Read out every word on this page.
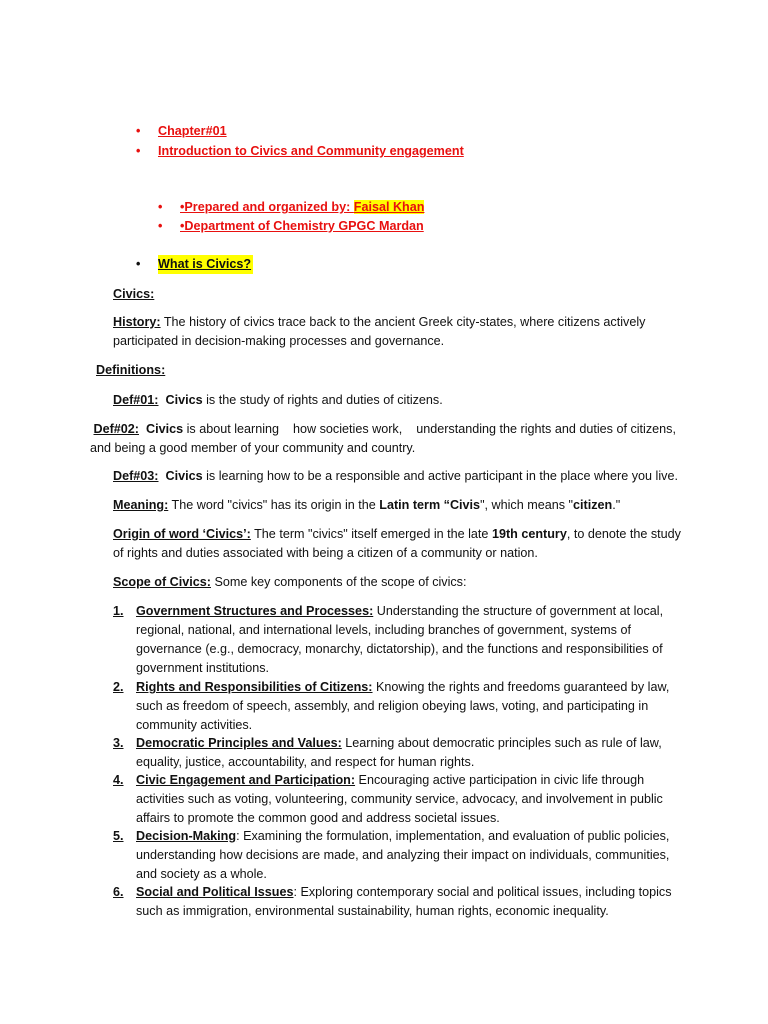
• Chapter#01
• Introduction to Civics and Community engagement
• •Prepared and organized by: Faisal Khan
• •Department of Chemistry GPGC Mardan
• What is Civics?
Civics:
History: The history of civics trace back to the ancient Greek city-states, where citizens actively
participated in decision-making processes and governance.
Definitions:
Def#01: Civics is the study of rights and duties of citizens.
Def#02: Civics is about learning    how societies work,    understanding the rights and duties of citizens,
and being a good member of your community and country.
Def#03: Civics is learning how to be a responsible and active participant in the place where you live.
Meaning: The word "civics" has its origin in the Latin term “Civis", which means "citizen."
Origin of word ‘Civics’: The term "civics" itself emerged in the late 19th century, to denote the study
of rights and duties associated with being a citizen of a community or nation.
Scope of Civics: Some key components of the scope of civics:
1. Government Structures and Processes: Understanding the structure of government at local,
regional, national, and international levels, including branches of government, systems of
governance (e.g., democracy, monarchy, dictatorship), and the functions and responsibilities of
government institutions.
2. Rights and Responsibilities of Citizens: Knowing the rights and freedoms guaranteed by law,
such as freedom of speech, assembly, and religion obeying laws, voting, and participating in
community activities.
3. Democratic Principles and Values: Learning about democratic principles such as rule of law,
equality, justice, accountability, and respect for human rights.
4. Civic Engagement and Participation: Encouraging active participation in civic life through
activities such as voting, volunteering, community service, advocacy, and involvement in public
affairs to promote the common good and address societal issues.
5. Decision-Making: Examining the formulation, implementation, and evaluation of public policies,
understanding how decisions are made, and analyzing their impact on individuals, communities,
and society as a whole.
6. Social and Political Issues: Exploring contemporary social and political issues, including topics
such as immigration, environmental sustainability, human rights, economic inequality.
